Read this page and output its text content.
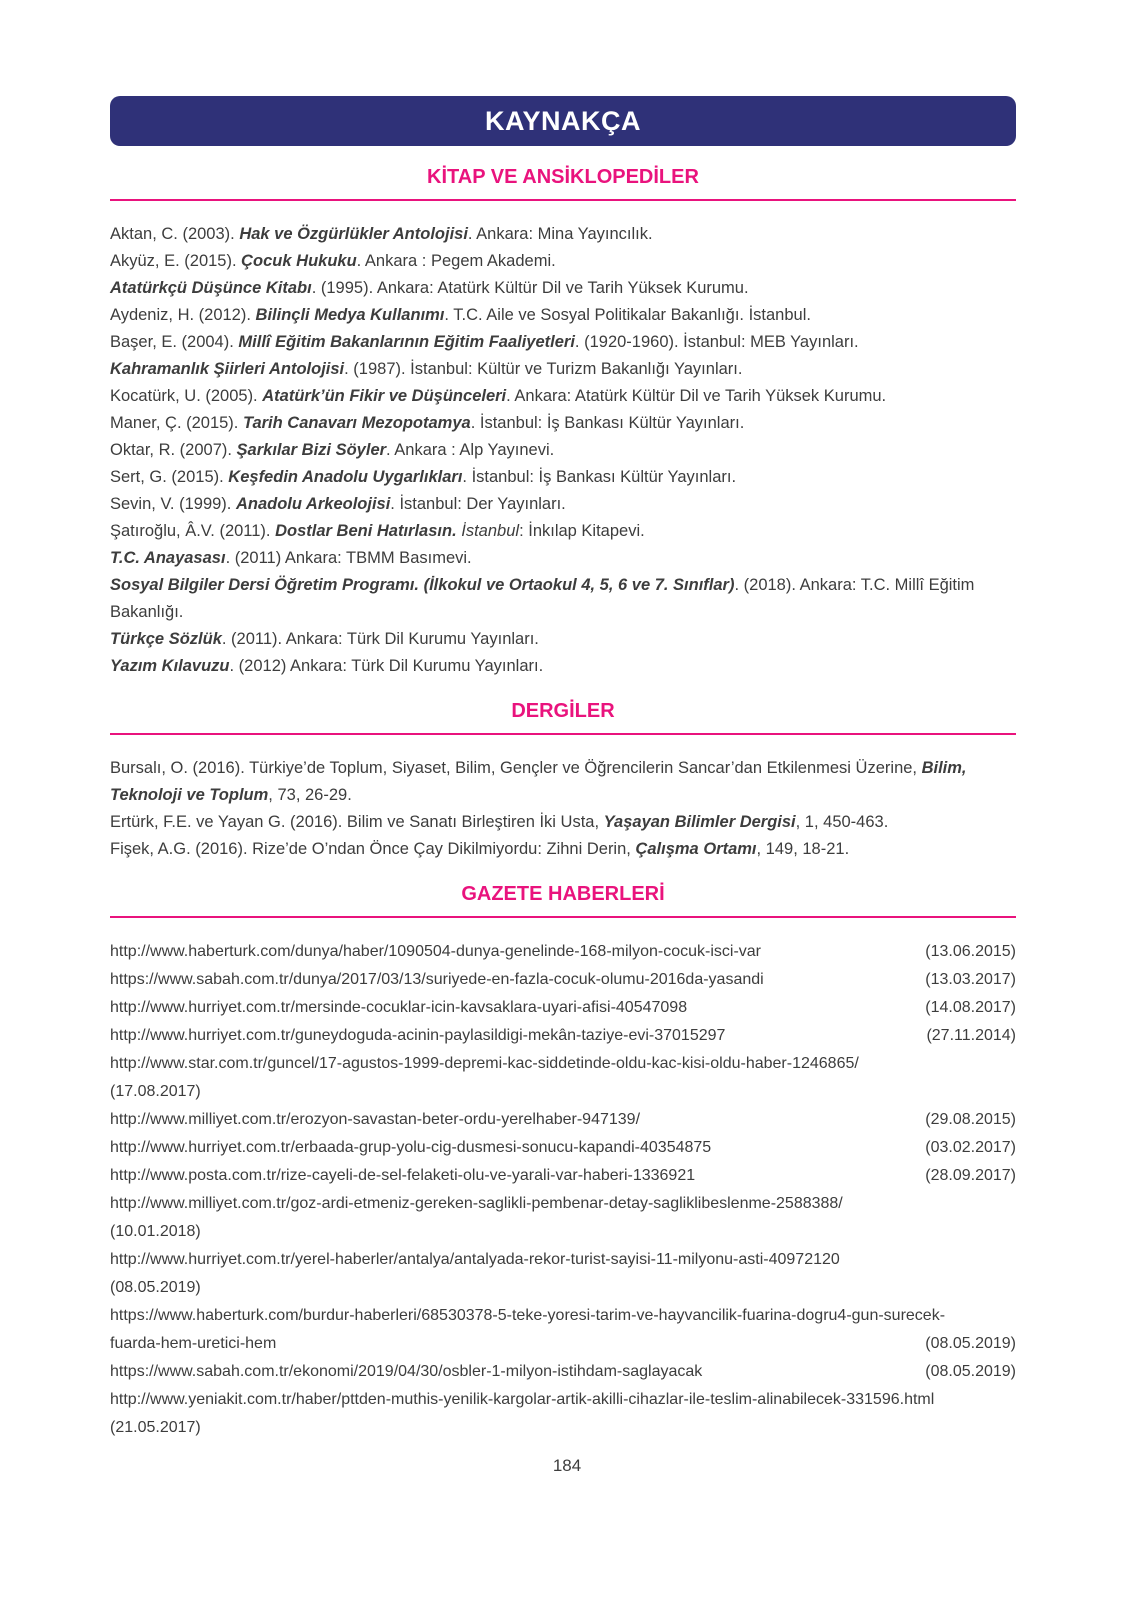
KAYNAKÇA
KİTAP VE ANSİKLOPEDİLER

Aktan, C. (2003). Hak ve Özgürlükler Antolojisi. Ankara: Mina Yayıncılık.

Akyüz, E. (2015). Çocuk Hukuku. Ankara : Pegem Akademi.

Atatürkçü Düşünce Kitabı. (1995). Ankara: Atatürk Kültür Dil ve Tarih Yüksek Kurumu.

Aydeniz, H. (2012). Bilinçli Medya Kullanımı. T.C. Aile ve Sosyal Politikalar Bakanlığı. İstanbul.

Başer, E. (2004). Millî Eğitim Bakanlarının Eğitim Faaliyetleri. (1920-1960). İstanbul: MEB Yayınları.

Kahramanlık Şiirleri Antolojisi. (1987). İstanbul: Kültür ve Turizm Bakanlığı Yayınları.

Kocatürk, U. (2005). Atatürk’ün Fikir ve Düşünceleri. Ankara: Atatürk Kültür Dil ve Tarih Yüksek Kurumu.

Maner, Ç. (2015). Tarih Canavarı Mezopotamya. İstanbul: İş Bankası Kültür Yayınları.

Oktar, R. (2007). Şarkılar Bizi Söyler. Ankara : Alp Yayınevi.

Sert, G. (2015). Keşfedin Anadolu Uygarlıkları. İstanbul: İş Bankası Kültür Yayınları.

Sevin, V. (1999). Anadolu Arkeolojisi. İstanbul: Der Yayınları.

Şatıroğlu, Â.V. (2011). Dostlar Beni Hatırlasın. İstanbul: İnkılap Kitapevi.

T.C. Anayasası. (2011) Ankara: TBMM Basımevi.

Sosyal Bilgiler Dersi Öğretim Programı. (İlkokul ve Ortaokul 4, 5, 6 ve 7. Sınıflar). (2018). Ankara: T.C. Millî Eğitim Bakanlığı.

Türkçe Sözlük. (2011). Ankara: Türk Dil Kurumu Yayınları.

Yazım Kılavuzu. (2012) Ankara: Türk Dil Kurumu Yayınları.

DERGİLER

Bursalı, O. (2016). Türkiye’de Toplum, Siyaset, Bilim, Gençler ve Öğrencilerin Sancar’dan Etkilenmesi Üzerine, Bilim, Teknoloji ve Toplum, 73, 26-29.

Ertürk, F.E. ve Yayan G. (2016). Bilim ve Sanatı Birleştiren İki Usta, Yaşayan Bilimler Dergisi, 1, 450-463.

Fişek, A.G. (2016). Rize’de O’ndan Önce Çay Dikilmiyordu: Zihni Derin, Çalışma Ortamı, 149, 18-21.

GAZETE HABERLERİ
http://www.haberturk.com/dunya/haber/1090504-dunya-genelinde-168-milyon-cocuk-isci-var	(13.06.2015)
https://www.sabah.com.tr/dunya/2017/03/13/suriyede-en-fazla-cocuk-olumu-2016da-yasandi	(13.03.2017)
http://www.hurriyet.com.tr/mersinde-cocuklar-icin-kavsaklara-uyari-afisi-40547098	(14.08.2017)
http://www.hurriyet.com.tr/guneydoguda-acinin-paylasildigi-mekân-taziye-evi-37015297	(27.11.2014)
http://www.star.com.tr/guncel/17-agustos-1999-depremi-kac-siddetinde-oldu-kac-kisi-oldu-haber-1246865/
(17.08.2017)
http://www.milliyet.com.tr/erozyon-savastan-beter-ordu-yerelhaber-947139/	(29.08.2015)
http://www.hurriyet.com.tr/erbaada-grup-yolu-cig-dusmesi-sonucu-kapandi-40354875	(03.02.2017)
http://www.posta.com.tr/rize-cayeli-de-sel-felaketi-olu-ve-yarali-var-haberi-1336921	(28.09.2017)
http://www.milliyet.com.tr/goz-ardi-etmeniz-gereken-saglikli-pembenar-detay-sagliklibeslenme-2588388/
(10.01.2018)
http://www.hurriyet.com.tr/yerel-haberler/antalya/antalyada-rekor-turist-sayisi-11-milyonu-asti-40972120
(08.05.2019)
https://www.haberturk.com/burdur-haberleri/68530378-5-teke-yoresi-tarim-ve-hayvancilik-fuarina-dogru4-gun-surecek-
fuarda-hem-uretici-hem	(08.05.2019)
https://www.sabah.com.tr/ekonomi/2019/04/30/osbler-1-milyon-istihdam-saglayacak	(08.05.2019)
http://www.yeniakit.com.tr/haber/pttden-muthis-yenilik-kargolar-artik-akilli-cihazlar-ile-teslim-alinabilecek-331596.html
(21.05.2017)
184
